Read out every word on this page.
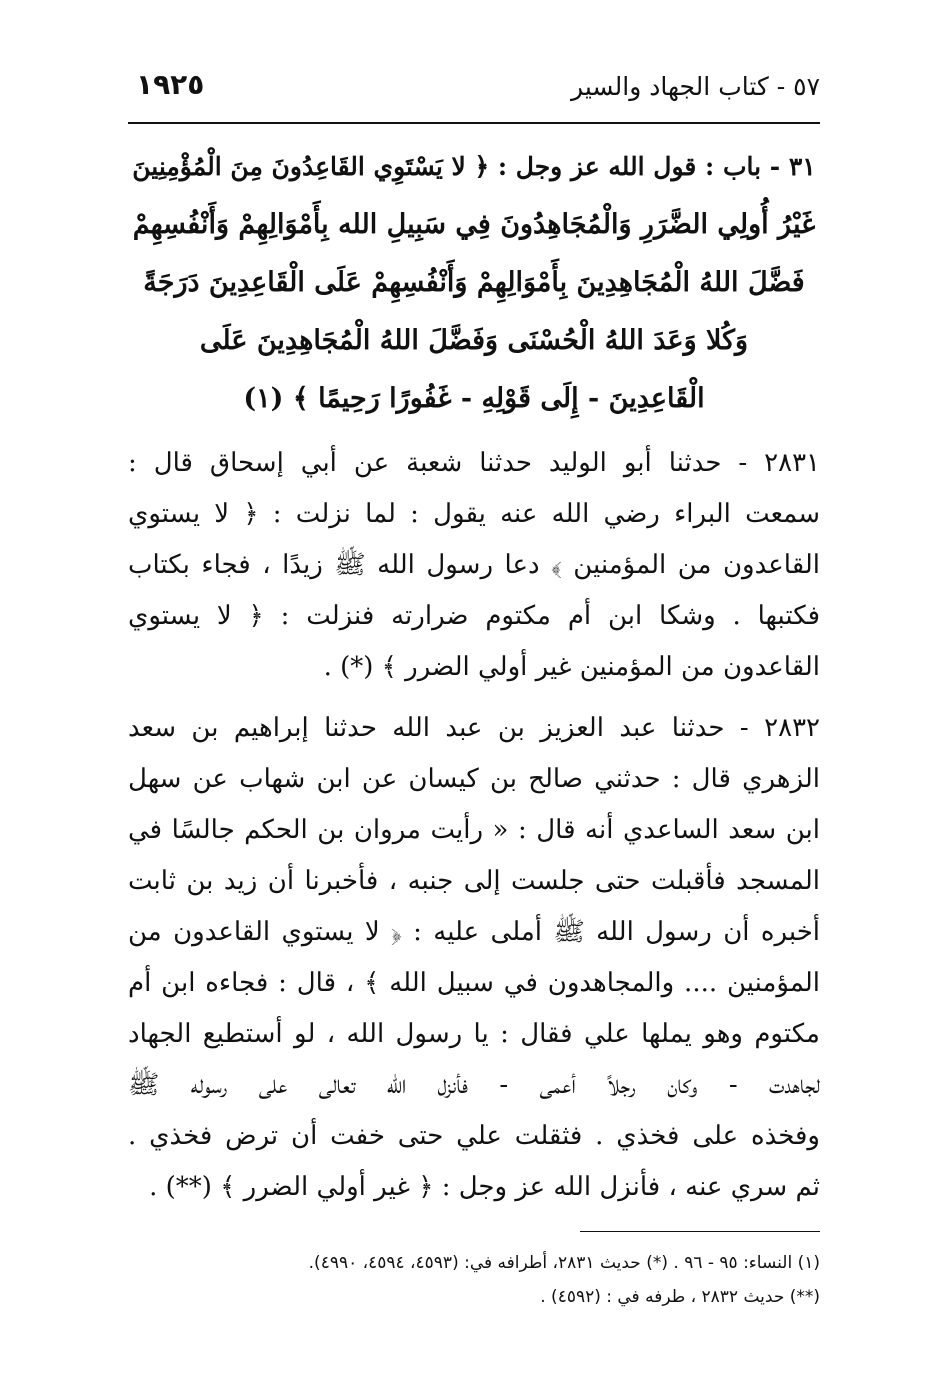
٥٧ - كتاب الجهاد والسير
١٩٢٥
٣١ - باب : قول الله عز وجل : ﴿ لا يَسْتَوِي القَاعِدُونَ مِنَ الْمُؤْمِنِينَ
غَيْرُ أُولِي الضَّرَرِ وَالْمُجَاهِدُونَ فِي سَبِيلِ الله بِأَمْوَالِهِمْ وَأَنْفُسِهِمْ
فَضَّلَ اللهُ الْمُجَاهِدِينَ بِأَمْوَالِهِمْ وَأَنْفُسِهِمْ عَلَى الْقَاعِدِينَ دَرَجَةً
وَكُلا وَعَدَ اللهُ الْحُسْنَى وَفَضَّلَ اللهُ الْمُجَاهِدِينَ عَلَى
الْقَاعِدِينَ - إِلَى قَوْلِهِ - غَفُورًا رَحِيمًا ﴾ (١)
٢٨٣١ - حدثنا أبو الوليد حدثنا شعبة عن أبي إسحاق قال :
سمعت البراء رضي الله عنه يقول : لما نزلت : ﴿ لا يستوي
القاعدون من المؤمنين ﴾ دعا رسول الله ﷺ زيدًا ، فجاء بكتاب
فكتبها . وشكا ابن أم مكتوم ضرارته فنزلت : ﴿ لا يستوي
القاعدون من المؤمنين غير أولي الضرر ﴾ (*) .
٢٨٣٢ - حدثنا عبد العزيز بن عبد الله حدثنا إبراهيم بن سعد
الزهري قال : حدثني صالح بن كيسان عن ابن شهاب عن سهل
ابن سعد الساعدي أنه قال : « رأيت مروان بن الحكم جالسًا في
المسجد فأقبلت حتى جلست إلى جنبه ، فأخبرنا أن زيد بن ثابت
أخبره أن رسول الله ﷺ أملى عليه : ﴿ لا يستوي القاعدون من
المؤمنين .... والمجاهدون في سبيل الله ﴾ ، قال : فجاءه ابن أم
مكتوم وهو يملها علي فقال : يا رسول الله ، لو أستطيع الجهاد
لجاهدت - وكان رجلاً أعمى - فأنزل الله تعالى على رسوله ﷺ
وفخذه على فخذي . فثقلت علي حتى خفت أن ترض فخذي .
ثم سري عنه ، فأنزل الله عز وجل : ﴿ غير أولي الضرر ﴾ (**) .
(١) النساء: ٩٥ - ٩٦ . (*) حديث ٢٨٣١، أطرافه في: (٤٥٩٣، ٤٥٩٤، ٤٩٩٠).
(**) حديث ٢٨٣٢ ، طرفه في : (٤٥٩٢) .
